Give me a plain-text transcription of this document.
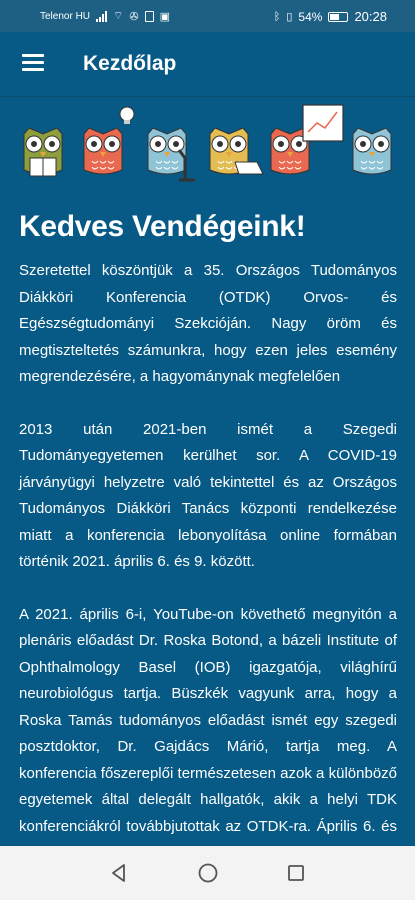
Telenor HU ⌔ ✇ ▣	ᛒ ▯ 54% 20:28
Kezdőlap
Kedves Vendégeink!

Szeretettel köszöntjük a 35. Országos Tudományos Diákköri Konferencia (OTDK) Orvos- és Egészségtudományi Szekcióján. Nagy öröm és megtiszteltetés számunkra, hogy ezen jeles esemény megrendezésére, a hagyománynak megfelelően

2013 után 2021-ben ismét a Szegedi Tudományegyetemen kerülhet sor. A COVID-19 járványügyi helyzetre való tekintettel és az Országos Tudományos Diákköri Tanács központi rendelkezése miatt a konferencia lebonyolítása online formában történik 2021. április 6. és 9. között.

A 2021. április 6-i, YouTube-on követhető megnyitón a plenáris előadást Dr. Roska Botond, a bázeli Institute of Ophthalmology Basel (IOB) igazgatója, világhírű neurobiológus tartja. Büszkék vagyunk arra, hogy a Roska Tamás tudományos előadást ismét egy szegedi posztdoktor, Dr. Gajdács Márió, tartja meg. A konferencia főszereplői természetesen azok a különböző egyetemek által delegált hallgatók, akik a helyi TDK konferenciákról továbbjutottak az OTDK-ra. Április 6. és
